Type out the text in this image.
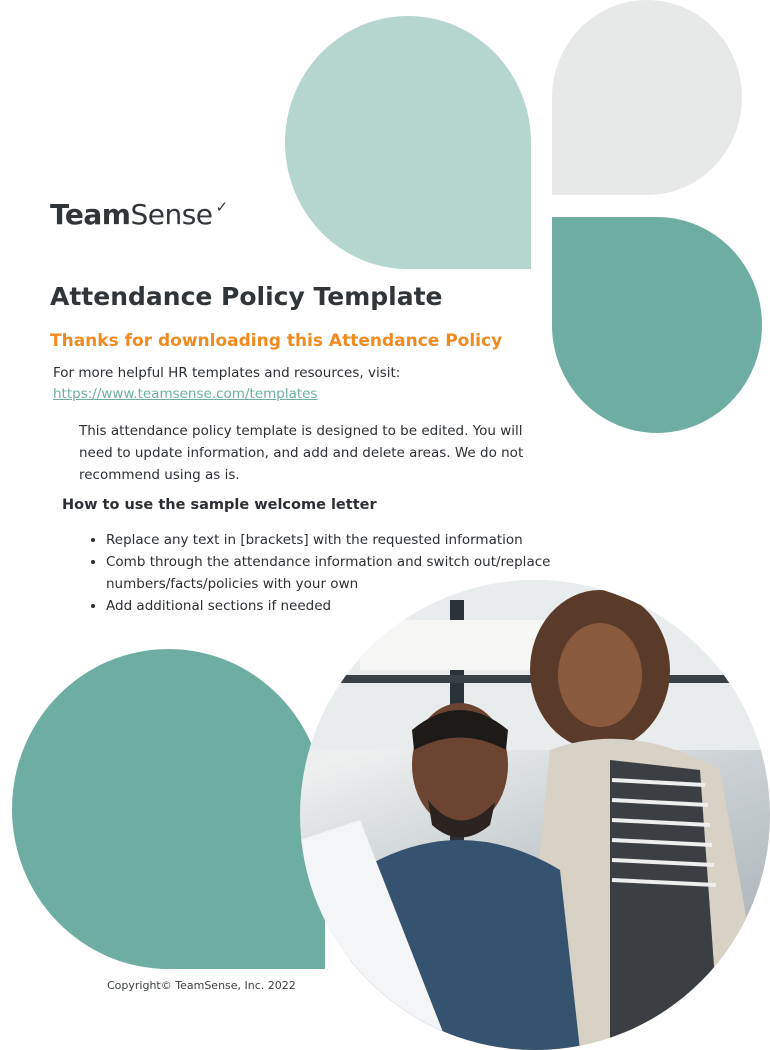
Team Sense ✓
Attendance Policy Template
Thanks for downloading this Attendance Policy
For more helpful HR templates and resources, visit:
https://www.teamsense.com/templates
This attendance policy template is designed to be edited. You will need to update information, and add and delete areas. We do not recommend using as is.
How to use the sample welcome letter
• Replace any text in [brackets] with the requested information
• Comb through the attendance information and switch out/replace numbers/facts/policies with your own
• Add additional sections if needed
Copyright© TeamSense, Inc. 2022
